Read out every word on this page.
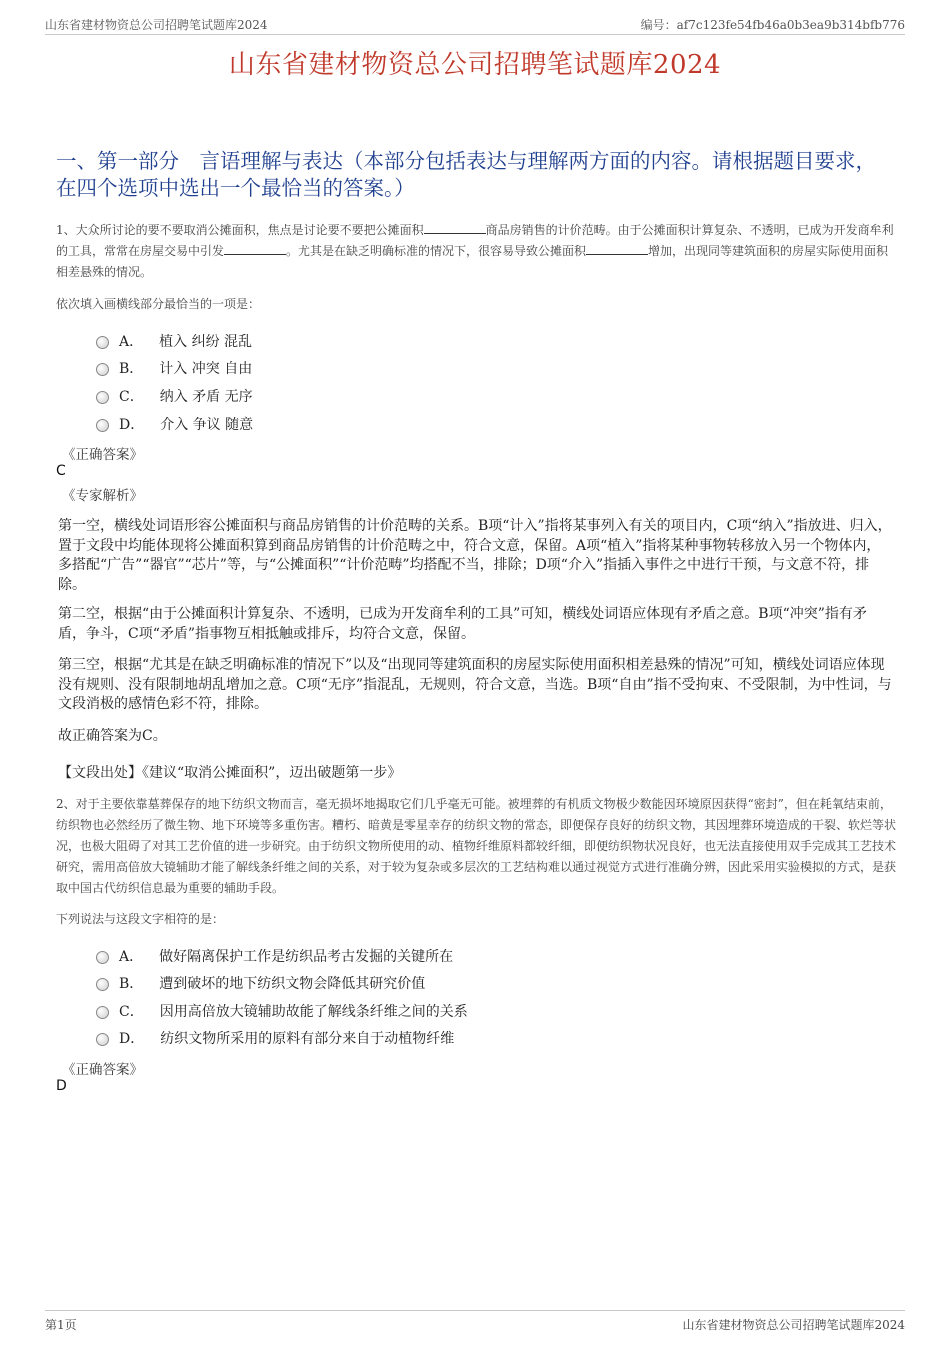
山东省建材物资总公司招聘笔试题库2024	编号：af7c123fe54fb46a0b3ea9b314bfb776
山东省建材物资总公司招聘笔试题库2024
一、第一部分　言语理解与表达（本部分包括表达与理解两方面的内容。请根据题目要求，在四个选项中选出一个最恰当的答案。）
1、大众所讨论的要不要取消公摊面积，焦点是讨论要不要把公摊面积	商品房销售的计价范畴。由于公摊面积计算复杂、不透明，已成为开发商牟利的工具，常常在房屋交易中引发	。尤其是在缺乏明确标准的情况下，很容易导致公摊面积	增加，出现同等建筑面积的房屋实际使用面积相差悬殊的情况。
依次填入画横线部分最恰当的一项是：
A． 植入 纠纷 混乱
B． 计入 冲突 自由
C． 纳入 矛盾 无序
D． 介入 争议 随意
《正确答案》
C
《专家解析》
第一空，横线处词语形容公摊面积与商品房销售的计价范畴的关系。B项“计入”指将某事列入有关的项目内，C项“纳入”指放进、归入，置于文段中均能体现将公摊面积算到商品房销售的计价范畴之中，符合文意，保留。A项“植入”指将某种事物转移放入另一个物体内，多搭配“广告”“器官”“芯片”等，与“公摊面积”“计价范畴”均搭配不当，排除；D项“介入”指插入事件之中进行干预，与文意不符，排除。
第二空，根据“由于公摊面积计算复杂、不透明，已成为开发商牟利的工具”可知，横线处词语应体现有矛盾之意。B项“冲突”指有矛盾，争斗，C项“矛盾”指事物互相抵触或排斥，均符合文意，保留。
第三空，根据“尤其是在缺乏明确标准的情况下”以及“出现同等建筑面积的房屋实际使用面积相差悬殊的情况”可知，横线处词语应体现没有规则、没有限制地胡乱增加之意。C项“无序”指混乱，无规则，符合文意，当选。B项“自由”指不受拘束、不受限制，为中性词，与文段消极的感情色彩不符，排除。
故正确答案为C。
【文段出处】《建议“取消公摊面积”，迈出破题第一步》
2、对于主要依靠墓葬保存的地下纺织文物而言，毫无损坏地揭取它们几乎毫无可能。被埋葬的有机质文物极少数能因环境原因获得“密封”，但在耗氧结束前，纺织物也必然经历了微生物、地下环境等多重伤害。糟朽、暗黄是零星幸存的纺织文物的常态，即便保存良好的纺织文物，其因埋葬环境造成的干裂、软烂等状况，也极大阻碍了对其工艺价值的进一步研究。由于纺织文物所使用的动、植物纤维原料都较纤细，即便纺织物状况良好，也无法直接使用双手完成其工艺技术研究，需用高倍放大镜辅助才能了解线条纤维之间的关系，对于较为复杂或多层次的工艺结构难以通过视觉方式进行准确分辨，因此采用实验模拟的方式，是获取中国古代纺织信息最为重要的辅助手段。
下列说法与这段文字相符的是：
A． 做好隔离保护工作是纺织品考古发掘的关键所在
B． 遭到破坏的地下纺织文物会降低其研究价值
C． 因用高倍放大镜辅助故能了解线条纤维之间的关系
D． 纺织文物所采用的原料有部分来自于动植物纤维
《正确答案》
D
第1页	山东省建材物资总公司招聘笔试题库2024
